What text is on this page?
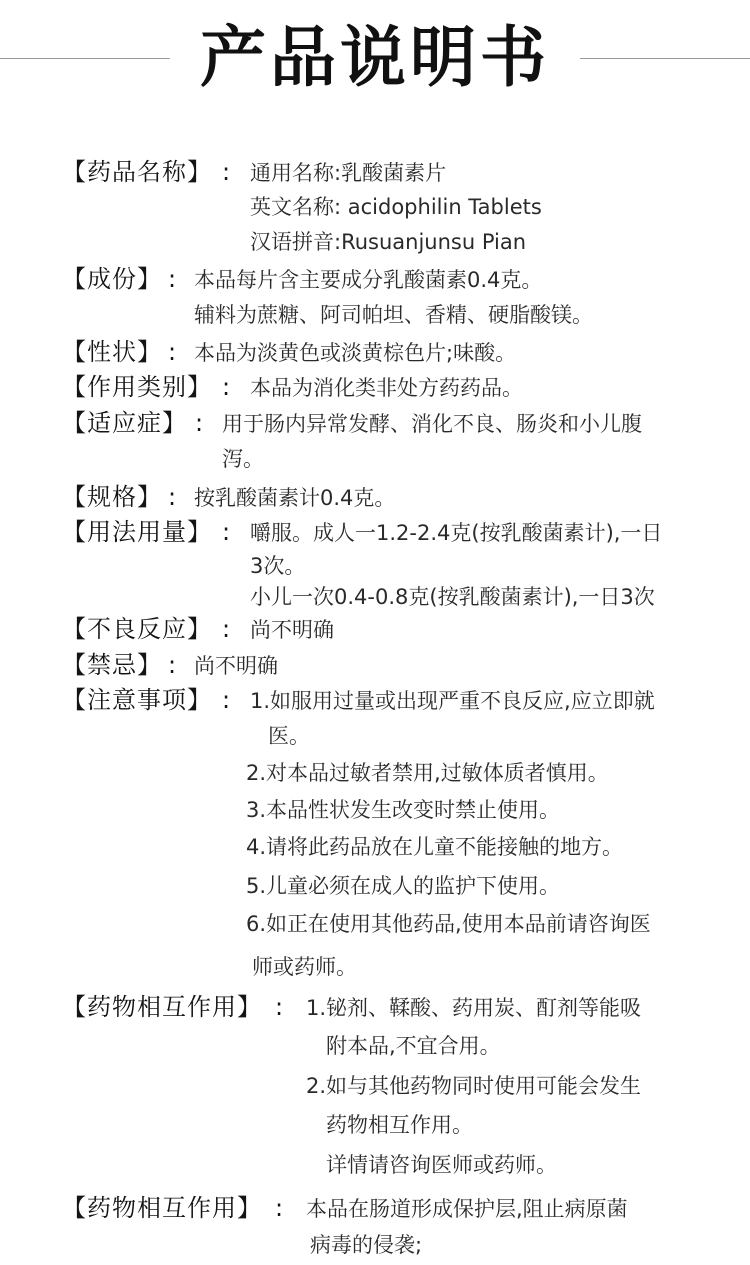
产品说明书
【药品名称】 : 通用名称:乳酸菌素片
英文名称: acidophilin Tablets
汉语拼音:Rusuanjunsu Pian
【成份】 : 本品每片含主要成分乳酸菌素0.4克。
辅料为蔗糖、阿司帕坦、香精、硬脂酸镁。
【性状】 : 本品为淡黄色或淡黄棕色片;味酸。
【作用类别】 : 本品为消化类非处方药药品。
【适应症】 : 用于肠内异常发酵、消化不良、肠炎和小儿腹
泻。
【规格】 : 按乳酸菌素计0.4克。
【用法用量】 : 嚼服。成人一1.2-2.4克(按乳酸菌素计),一日
3次。
小儿一次0.4-0.8克(按乳酸菌素计),一日3次
【不良反应】 : 尚不明确
【禁忌】 : 尚不明确
【注意事项】 : 1.如服用过量或出现严重不良反应,应立即就
医。
2.对本品过敏者禁用,过敏体质者慎用。
3.本品性状发生改变时禁止使用。
4.请将此药品放在儿童不能接触的地方。
5.儿童必须在成人的监护下使用。
6.如正在使用其他药品,使用本品前请咨询医
师或药师。
【药物相互作用】 : 1.铋剂、鞣酸、药用炭、酊剂等能吸
附本品,不宜合用。
2.如与其他药物同时使用可能会发生
药物相互作用。
详情请咨询医师或药师。
【药物相互作用】 : 本品在肠道形成保护层,阻止病原菌
病毒的侵袭;
